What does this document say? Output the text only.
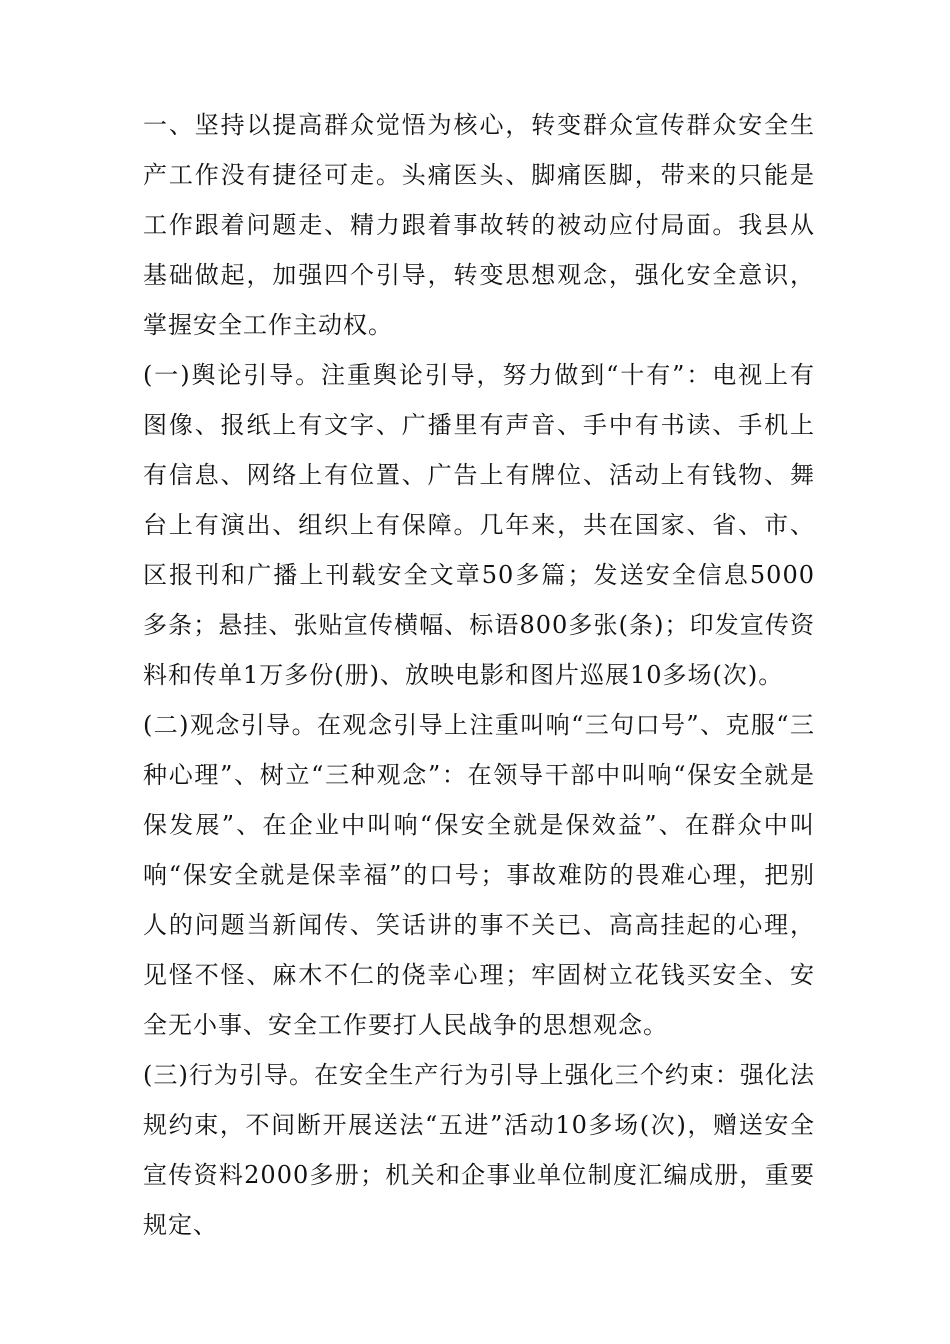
一、坚持以提高群众觉悟为核心，转变群众宣传群众安全生产工作没有捷径可走。头痛医头、脚痛医脚，带来的只能是工作跟着问题走、精力跟着事故转的被动应付局面。我县从基础做起，加强四个引导，转变思想观念，强化安全意识，掌握安全工作主动权。

(一)舆论引导。注重舆论引导，努力做到“十有”：电视上有图像、报纸上有文字、广播里有声音、手中有书读、手机上有信息、网络上有位置、广告上有牌位、活动上有钱物、舞台上有演出、组织上有保障。几年来，共在国家、省、市、区报刊和广播上刊载安全文章50多篇；发送安全信息5000多条；悬挂、张贴宣传横幅、标语800多张(条)；印发宣传资料和传单1万多份(册)、放映电影和图片巡展10多场(次)。

(二)观念引导。在观念引导上注重叫响“三句口号”、克服“三种心理”、树立“三种观念”：在领导干部中叫响“保安全就是保发展”、在企业中叫响“保安全就是保效益”、在群众中叫响“保安全就是保幸福”的口号；事故难防的畏难心理，把别人的问题当新闻传、笑话讲的事不关已、高高挂起的心理，见怪不怪、麻木不仁的侥幸心理；牢固树立花钱买安全、安全无小事、安全工作要打人民战争的思想观念。

(三)行为引导。在安全生产行为引导上强化三个约束：强化法规约束，不间断开展送法“五进”活动10多场(次)，赠送安全宣传资料2000多册；机关和企事业单位制度汇编成册，重要规定、
